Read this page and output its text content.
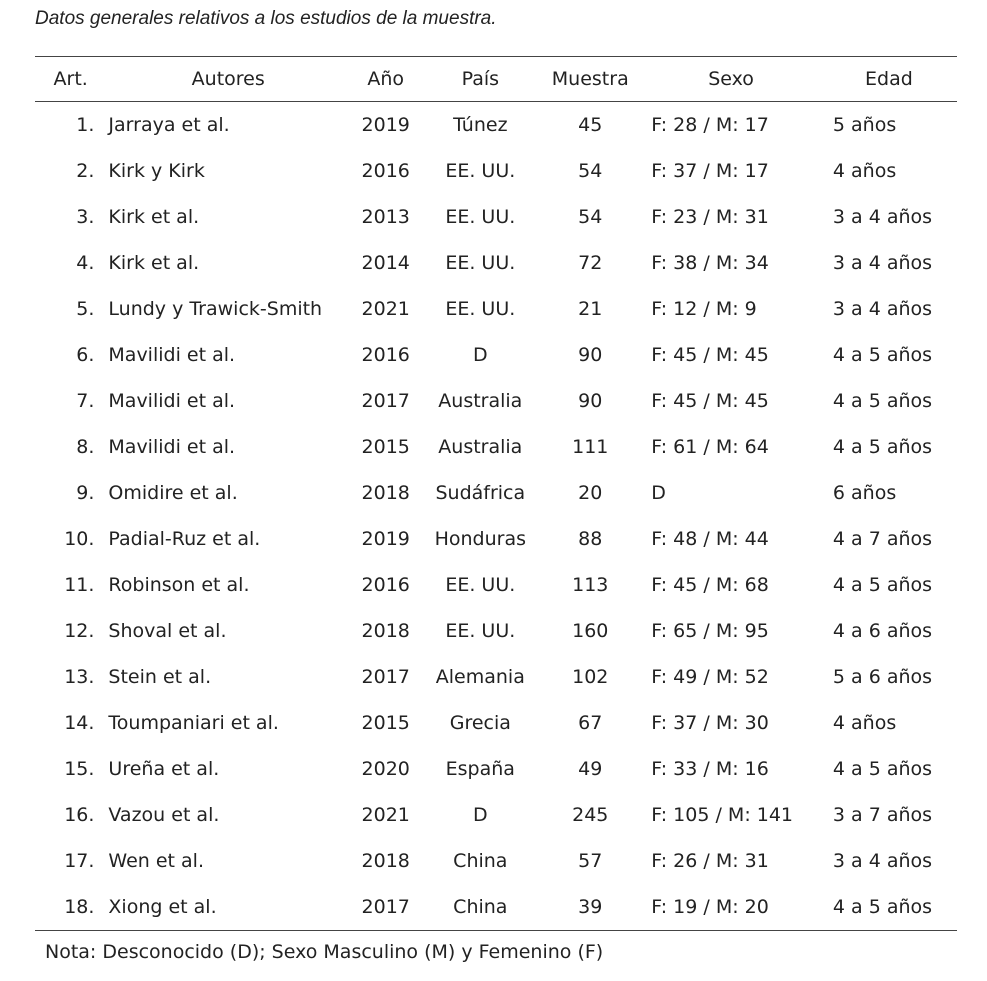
Datos generales relativos a los estudios de la muestra.
Art.	Autores	Año	País	Muestra	Sexo	Edad
1.	Jarraya et al.	2019	Túnez	45	F: 28 / M: 17	5 años
2.	Kirk y Kirk	2016	EE. UU.	54	F: 37 / M: 17	4 años
3.	Kirk et al.	2013	EE. UU.	54	F: 23 / M: 31	3 a 4 años
4.	Kirk et al.	2014	EE. UU.	72	F: 38 / M: 34	3 a 4 años
5.	Lundy y Trawick-Smith	2021	EE. UU.	21	F: 12 / M: 9	3 a 4 años
6.	Mavilidi et al.	2016	D	90	F: 45 / M: 45	4 a 5 años
7.	Mavilidi et al.	2017	Australia	90	F: 45 / M: 45	4 a 5 años
8.	Mavilidi et al.	2015	Australia	111	F: 61 / M: 64	4 a 5 años
9.	Omidire et al.	2018	Sudáfrica	20	D	6 años
10.	Padial-Ruz et al.	2019	Honduras	88	F: 48 / M: 44	4 a 7 años
11.	Robinson et al.	2016	EE. UU.	113	F: 45 / M: 68	4 a 5 años
12.	Shoval et al.	2018	EE. UU.	160	F: 65 / M: 95	4 a 6 años
13.	Stein et al.	2017	Alemania	102	F: 49 / M: 52	5 a 6 años
14.	Toumpaniari et al.	2015	Grecia	67	F: 37 / M: 30	4 años
15.	Ureña et al.	2020	España	49	F: 33 / M: 16	4 a 5 años
16.	Vazou et al.	2021	D	245	F: 105 / M: 141	3 a 7 años
17.	Wen et al.	2018	China	57	F: 26 / M: 31	3 a 4 años
18.	Xiong et al.	2017	China	39	F: 19 / M: 20	4 a 5 años
Nota: Desconocido (D); Sexo Masculino (M) y Femenino (F)
